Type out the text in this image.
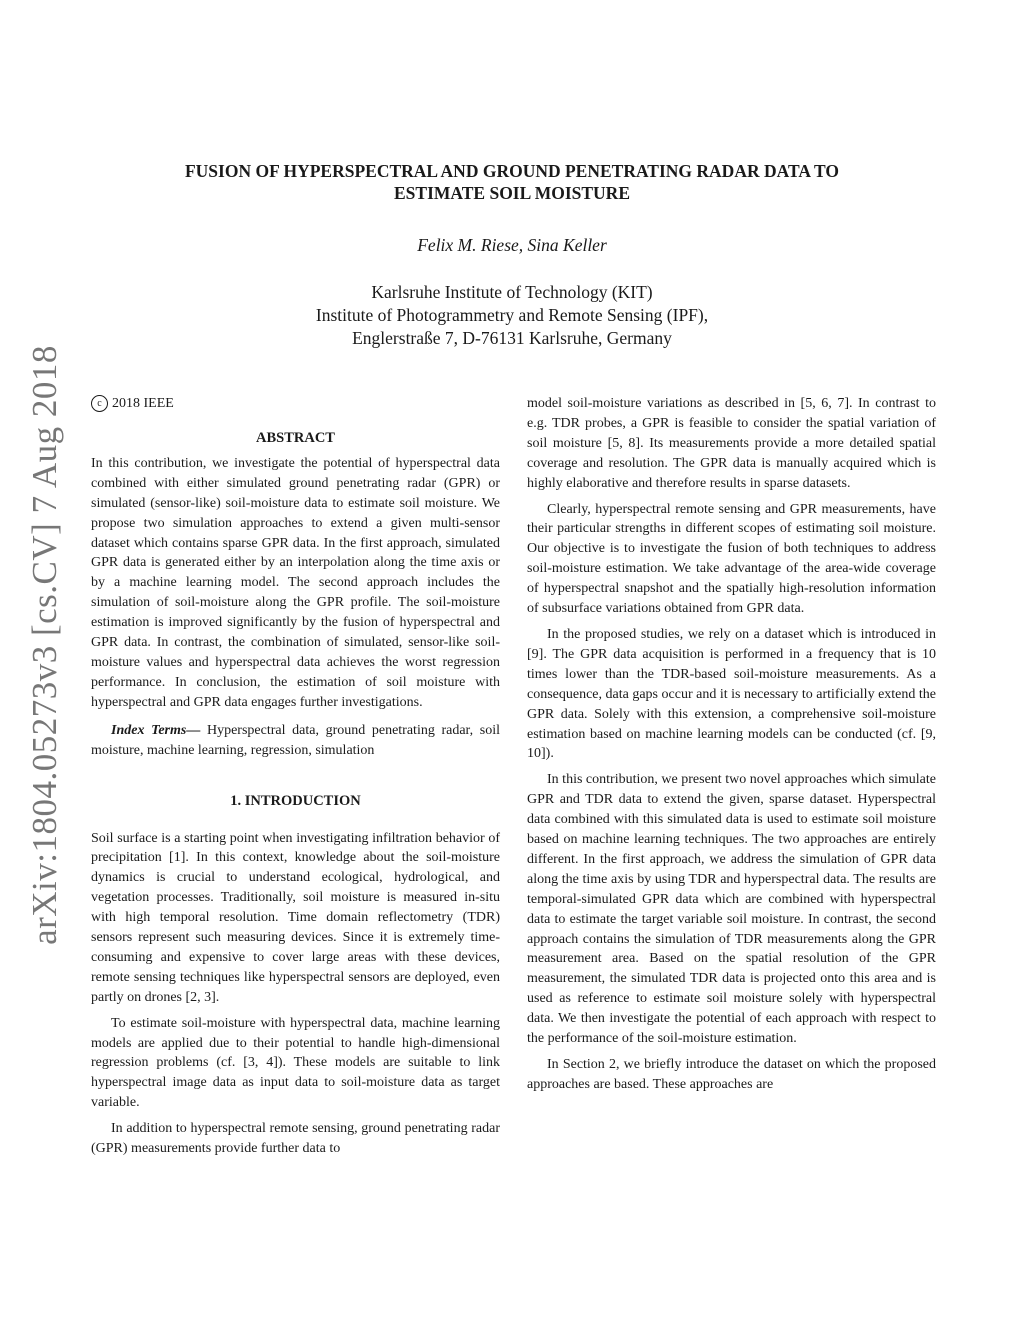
arXiv:1804.05273v3 [cs.CV] 7 Aug 2018
FUSION OF HYPERSPECTRAL AND GROUND PENETRATING RADAR DATA TO
ESTIMATE SOIL MOISTURE
Felix M. Riese, Sina Keller
Karlsruhe Institute of Technology (KIT)
Institute of Photogrammetry and Remote Sensing (IPF),
Englerstraße 7, D-76131 Karlsruhe, Germany

c 2018 IEEE

ABSTRACT

In this contribution, we investigate the potential of hyperspectral data combined with either simulated ground penetrating radar (GPR) or simulated (sensor-like) soil-moisture data to estimate soil moisture. We propose two simulation approaches to extend a given multi-sensor dataset which contains sparse GPR data. In the first approach, simulated GPR data is generated either by an interpolation along the time axis or by a machine learning model. The second approach includes the simulation of soil-moisture along the GPR profile. The soil-moisture estimation is improved significantly by the fusion of hyperspectral and GPR data. In contrast, the combination of simulated, sensor-like soil-moisture values and hyperspectral data achieves the worst regression performance. In conclusion, the estimation of soil moisture with hyperspectral and GPR data engages further investigations.

Index Terms— Hyperspectral data, ground penetrating radar, soil moisture, machine learning, regression, simulation

1. INTRODUCTION

Soil surface is a starting point when investigating infiltration behavior of precipitation [1]. In this context, knowledge about the soil-moisture dynamics is crucial to understand ecological, hydrological, and vegetation processes. Traditionally, soil moisture is measured in-situ with high temporal resolution. Time domain reflectometry (TDR) sensors represent such measuring devices. Since it is extremely time-consuming and expensive to cover large areas with these devices, remote sensing techniques like hyperspectral sensors are deployed, even partly on drones [2, 3].

To estimate soil-moisture with hyperspectral data, machine learning models are applied due to their potential to handle high-dimensional regression problems (cf. [3, 4]). These models are suitable to link hyperspectral image data as input data to soil-moisture data as target variable.

In addition to hyperspectral remote sensing, ground penetrating radar (GPR) measurements provide further data to

model soil-moisture variations as described in [5, 6, 7]. In contrast to e.g. TDR probes, a GPR is feasible to consider the spatial variation of soil moisture [5, 8]. Its measurements provide a more detailed spatial coverage and resolution. The GPR data is manually acquired which is highly elaborative and therefore results in sparse datasets.

Clearly, hyperspectral remote sensing and GPR measurements, have their particular strengths in different scopes of estimating soil moisture. Our objective is to investigate the fusion of both techniques to address soil-moisture estimation. We take advantage of the area-wide coverage of hyperspectral snapshot and the spatially high-resolution information of subsurface variations obtained from GPR data.

In the proposed studies, we rely on a dataset which is introduced in [9]. The GPR data acquisition is performed in a frequency that is 10 times lower than the TDR-based soil-moisture measurements. As a consequence, data gaps occur and it is necessary to artificially extend the GPR data. Solely with this extension, a comprehensive soil-moisture estimation based on machine learning models can be conducted (cf. [9, 10]).

In this contribution, we present two novel approaches which simulate GPR and TDR data to extend the given, sparse dataset. Hyperspectral data combined with this simulated data is used to estimate soil moisture based on machine learning techniques. The two approaches are entirely different. In the first approach, we address the simulation of GPR data along the time axis by using TDR and hyperspectral data. The results are temporal-simulated GPR data which are combined with hyperspectral data to estimate the target variable soil moisture. In contrast, the second approach contains the simulation of TDR measurements along the GPR measurement area. Based on the spatial resolution of the GPR measurement, the simulated TDR data is projected onto this area and is used as reference to estimate soil moisture solely with hyperspectral data. We then investigate the potential of each approach with respect to the performance of the soil-moisture estimation.

In Section 2, we briefly introduce the dataset on which the proposed approaches are based. These approaches are
